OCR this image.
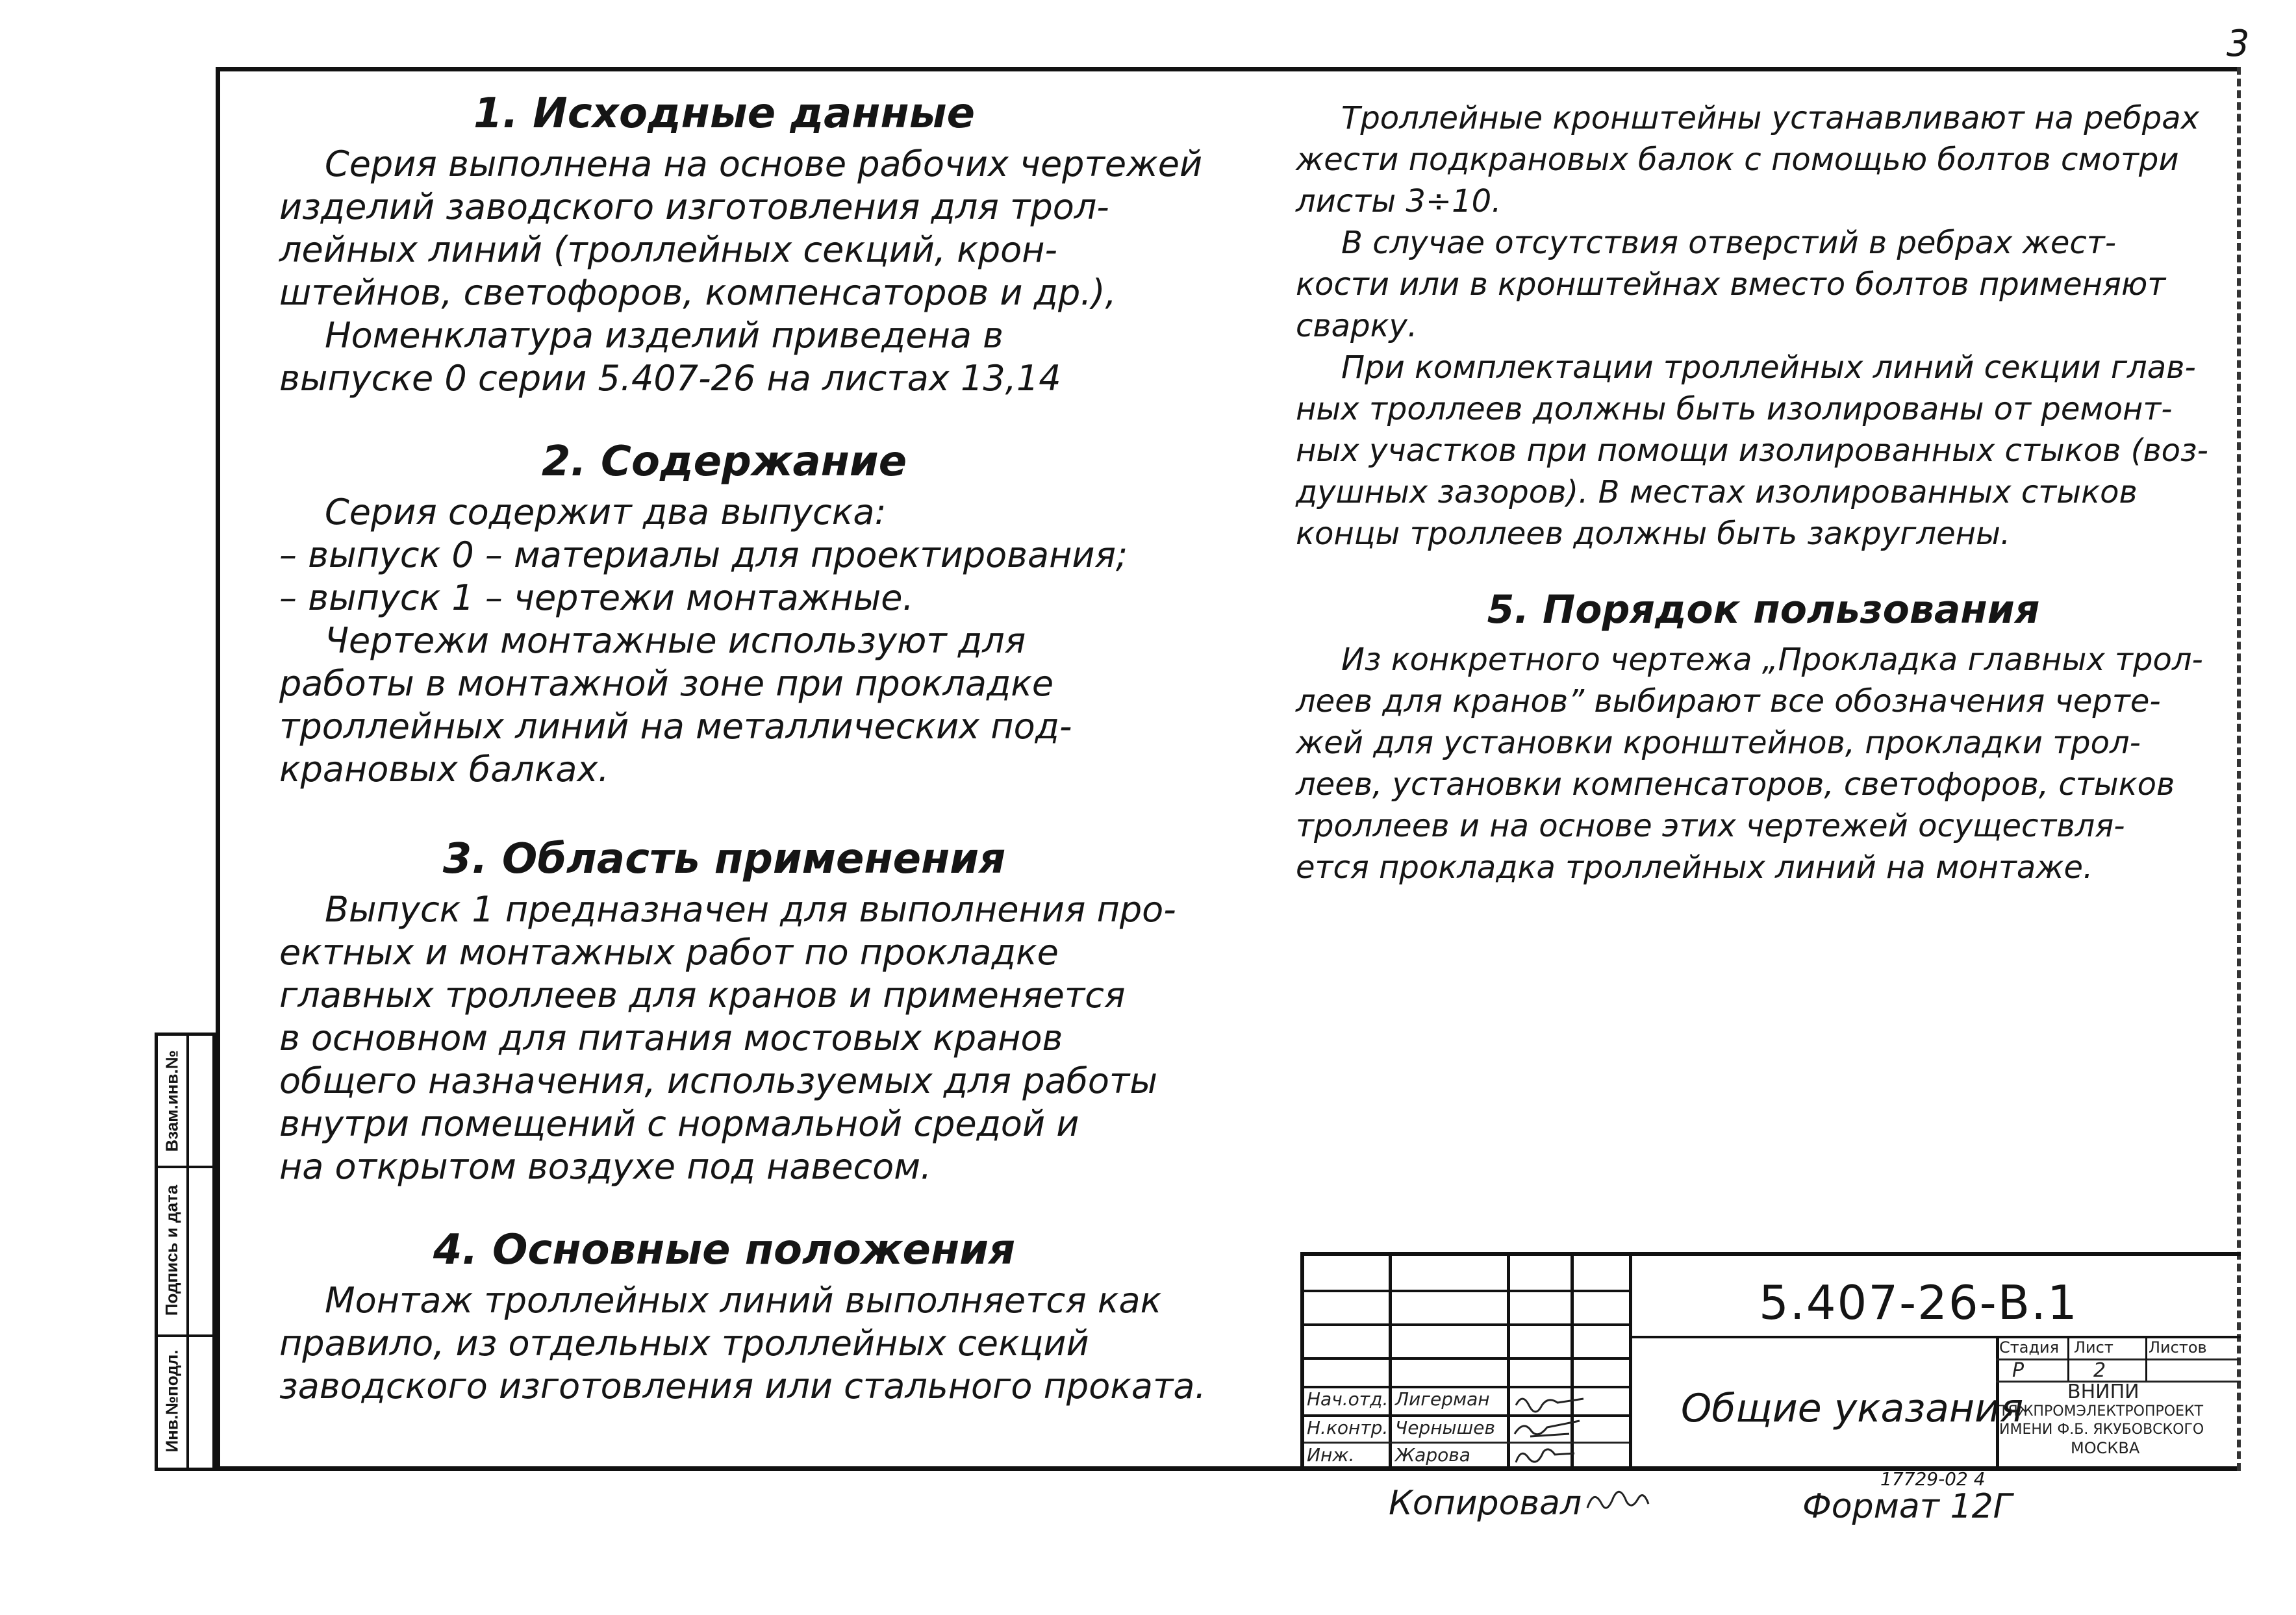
3
1. Исходные данные

Серия выполнена на основе рабочих чертежей
изделий заводского изготовления для трол-
лейных линий (троллейных секций, крон-
штейнов, светофоров, компенсаторов и др.),

Номенклатура изделий приведена в
выпуске 0 серии 5.407-26 на листах 13,14

2. Содержание

Серия содержит два выпуска:
– выпуск 0 – материалы для проектирования;
– выпуск 1 – чертежи монтажные.

Чертежи монтажные используют для
работы в монтажной зоне при прокладке
троллейных линий на металлических под-
крановых балках.

3. Область применения

Выпуск 1 предназначен для выполнения про-
ектных и монтажных работ по прокладке
главных троллеев для кранов и применяется
в основном для питания мостовых кранов
общего назначения, используемых для работы
внутри помещений с нормальной средой и
на открытом воздухе под навесом.

4. Основные положения

Монтаж троллейных линий выполняется как
правило, из отдельных троллейных секций
заводского изготовления или стального проката.

Троллейные кронштейны устанавливают на ребрах
жести подкрановых балок с помощью болтов смотри
листы 3÷10.

В случае отсутствия отверстий в ребрах жест-
кости или в кронштейнах вместо болтов применяют
сварку.

При комплектации троллейных линий секции глав-
ных троллеев должны быть изолированы от ремонт-
ных участков при помощи изолированных стыков (воз-
душных зазоров). В местах изолированных стыков
концы троллеев должны быть закруглены.

5. Порядок пользования

Из конкретного чертежа „Прокладка главных трол-
леев для кранов” выбирают все обозначения черте-
жей для установки кронштейнов, прокладки трол-
леев, установки компенсаторов, светофоров, стыков
троллеев и на основе этих чертежей осуществля-
ется прокладка троллейных линий на монтаже.

Инв.№подл.
Подпись и дата
Взам.инв.№
5.407-26-В.1
Общие указания
Стадия Лист Листов
Р	2
ВНИПИ
ТЯЖПРОМЭЛЕКТРОПРОЕКТ
ИМЕНИ Ф.Б. ЯКУБОВСКОГО
МОСКВА
Нач.отд. Лигерман
Н.контр. Чернышев
Инж. Жарова
Копировал
17729-02 4
Формат 12Г
